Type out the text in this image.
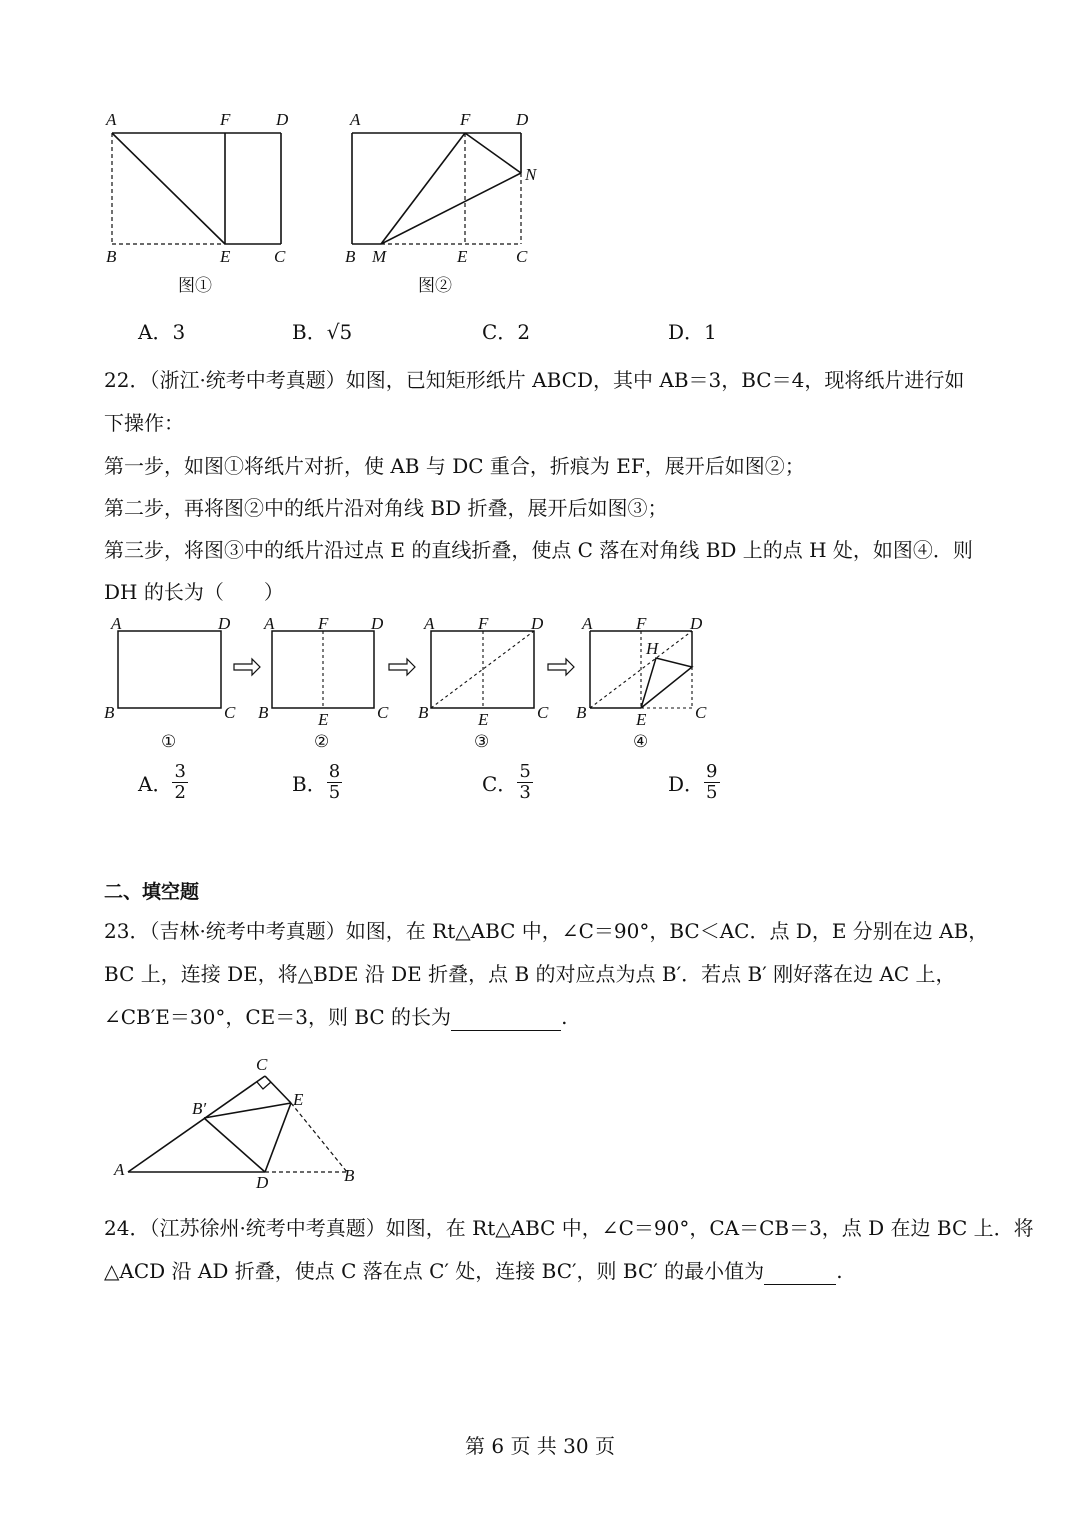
A	F	D
B	E	C
图①
A	F	D
N
B M	E	C
图②
A．3	B．√5	C．2	D．1
22．（浙江·统考中考真题）如图，已知矩形纸片 ABCD，其中 AB＝3，BC＝4，现将纸片进行如
下操作：
第一步，如图①将纸片对折，使 AB 与 DC 重合，折痕为 EF，展开后如图②；
第二步，再将图②中的纸片沿对角线 BD 折叠，展开后如图③；
第三步，将图③中的纸片沿过点 E 的直线折叠，使点 C 落在对角线 BD 上的点 H 处，如图④．则
DH 的长为（　　）
A	D
B	C
A	F	D
B	E	C
A	F	D
B	E	C
A	F	D
H
B	E	C
①	②	③	④
A． $\frac{3}{2}$	B． $\frac{8}{5}$	C． $\frac{5}{3}$	D． $\frac{9}{5}$
二、填空题
23．（吉林·统考中考真题）如图，在 Rt△ABC 中，∠C＝90°，BC＜AC．点 D，E 分别在边 AB，
BC 上，连接 DE，将△BDE 沿 DE 折叠，点 B 的对应点为点 B′．若点 B′ 刚好落在边 AC 上，
∠CB′E＝30°，CE＝3，则 BC 的长为	.
C
B′	E
A
D	B
24．（江苏徐州·统考中考真题）如图，在 Rt△ABC 中，∠C＝90°，CA＝CB＝3，点 D 在边 BC 上．将
△ACD 沿 AD 折叠，使点 C 落在点 C′ 处，连接 BC′，则 BC′ 的最小值为	.
第 6 页 共 30 页
